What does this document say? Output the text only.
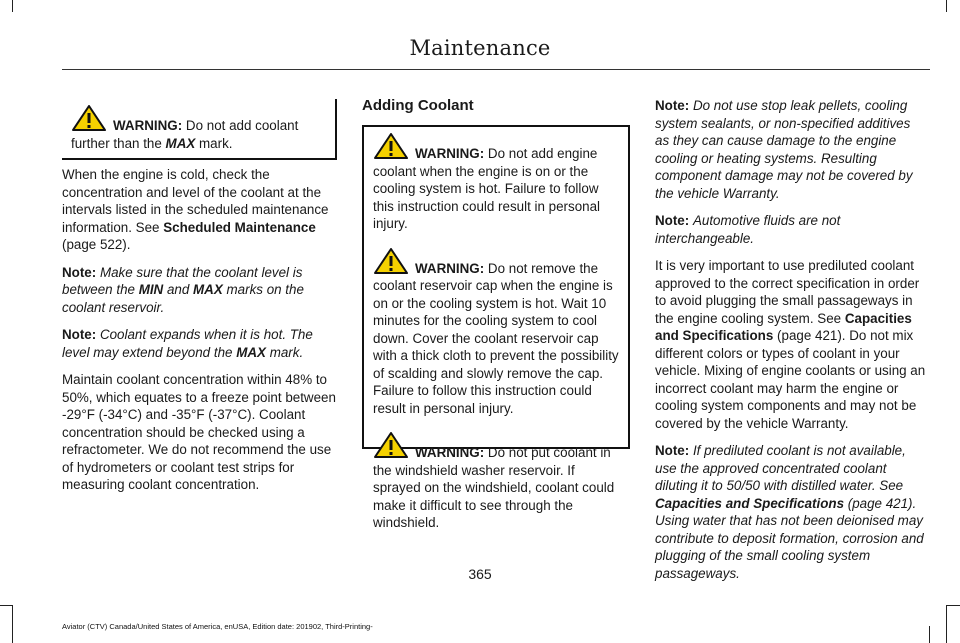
Maintenance

WARNING: Do not add coolant further than the MAX mark.

When the engine is cold, check the concentration and level of the coolant at the intervals listed in the scheduled maintenance information. See Scheduled Maintenance (page 522).

Note: Make sure that the coolant level is between the MIN and MAX marks on the coolant reservoir.

Note: Coolant expands when it is hot. The level may extend beyond the MAX mark.

Maintain coolant concentration within 48% to 50%, which equates to a freeze point between -29°F (-34°C) and -35°F (-37°C). Coolant concentration should be checked using a refractometer. We do not recommend the use of hydrometers or coolant test strips for measuring coolant concentration.

Adding Coolant

WARNING: Do not add engine coolant when the engine is on or the cooling system is hot. Failure to follow this instruction could result in personal injury.

WARNING: Do not remove the coolant reservoir cap when the engine is on or the cooling system is hot. Wait 10 minutes for the cooling system to cool down. Cover the coolant reservoir cap with a thick cloth to prevent the possibility of scalding and slowly remove the cap. Failure to follow this instruction could result in personal injury.

WARNING: Do not put coolant in the windshield washer reservoir. If sprayed on the windshield, coolant could make it difficult to see through the windshield.

Note: Do not use stop leak pellets, cooling system sealants, or non-specified additives as they can cause damage to the engine cooling or heating systems. Resulting component damage may not be covered by the vehicle Warranty.

Note: Automotive fluids are not interchangeable.

It is very important to use prediluted coolant approved to the correct specification in order to avoid plugging the small passageways in the engine cooling system. See Capacities and Specifications (page 421). Do not mix different colors or types of coolant in your vehicle. Mixing of engine coolants or using an incorrect coolant may harm the engine or cooling system components and may not be covered by the vehicle Warranty.

Note: If prediluted coolant is not available, use the approved concentrated coolant diluting it to 50/50 with distilled water. See Capacities and Specifications (page 421). Using water that has not been deionised may contribute to deposit formation, corrosion and plugging of the small cooling system passageways.

365
Aviator (CTV) Canada/United States of America, enUSA, Edition date: 201902, Third-Printing-
